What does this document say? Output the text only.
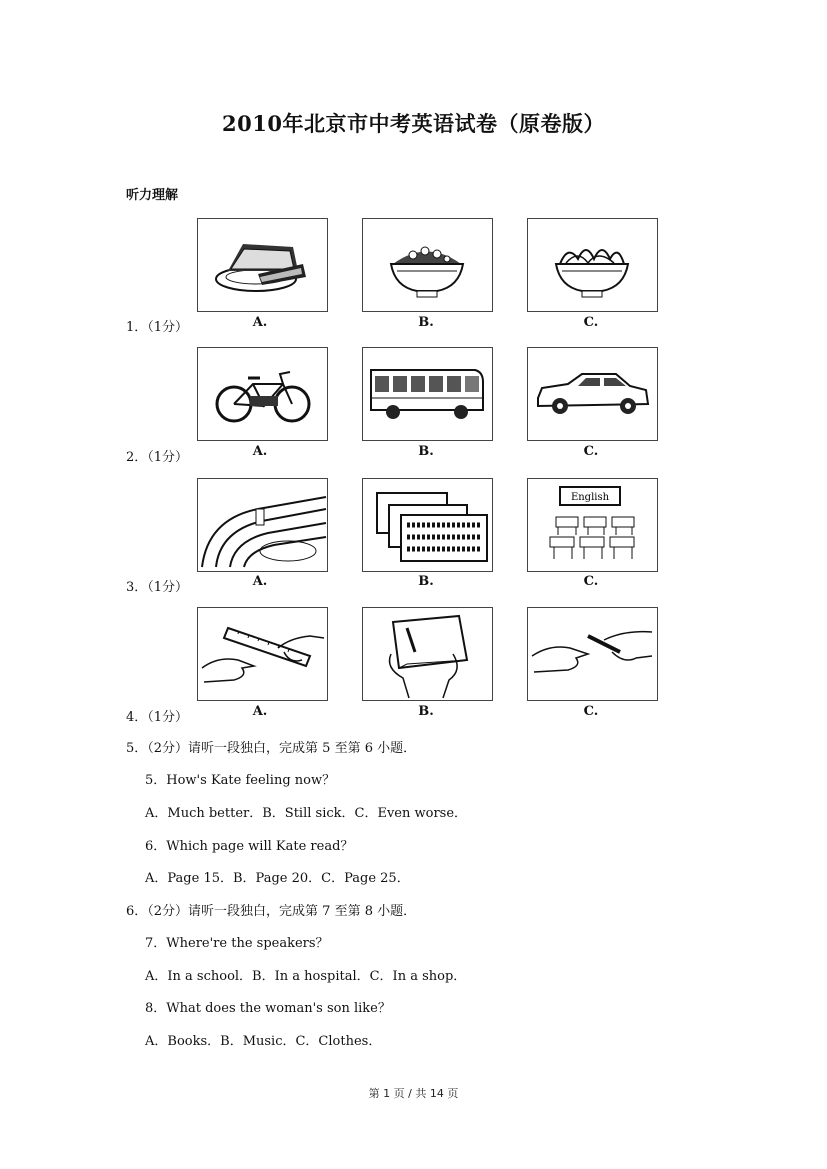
2010年北京市中考英语试卷（原卷版）
听力理解
1．（1分）	A.	B.	C.
2．（1分）	A.	B.	C.
English
3．（1分）	A.	B.	C.
4．（1分）	A.	B.	C.
5．（2分）请听一段独白，完成第 5 至第 6 小题．
5．How's Kate feeling now？
A．Much better．B．Still sick．C．Even worse．
6．Which page will Kate read？
A．Page 15．B．Page 20．C．Page 25．
6．（2分）请听一段独白，完成第 7 至第 8 小题．
7．Where're the speakers？
A．In a school．B．In a hospital．C．In a shop．
8．What does the woman's son like？
A．Books．B．Music．C．Clothes．
第 1 页 / 共 14 页
